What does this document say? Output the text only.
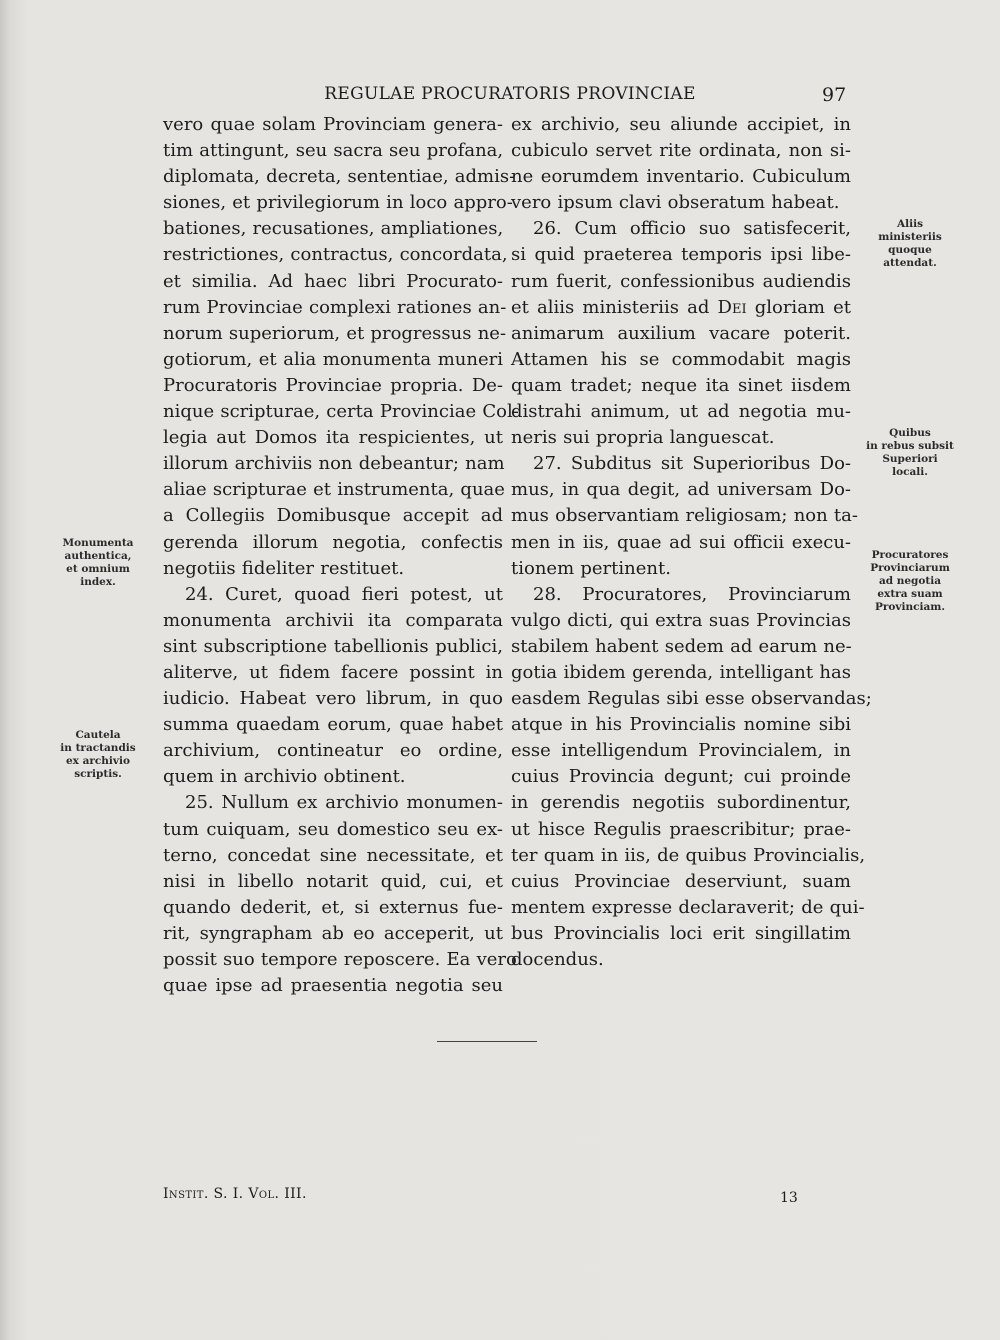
REGULAE PROCURATORIS PROVINCIAE	97

vero quae solam Provinciam genera-

tim attingunt, seu sacra seu profana,

diplomata, decreta, sententiae, admis-

siones, et privilegiorum in loco appro-

bationes, recusationes, ampliationes,

restrictiones, contractus, concordata,

et similia. Ad haec libri Procurato-

rum Provinciae complexi rationes an-

norum superiorum, et progressus ne-

gotiorum, et alia monumenta muneri

Procuratoris Provinciae propria. De-

nique scripturae, certa Provinciae Col-

legia aut Domos ita respicientes, ut

illorum archiviis non debeantur; nam

aliae scripturae et instrumenta, quae

a Collegiis Domibusque accepit ad

gerenda illorum negotia, confectis

negotiis fideliter restituet.

24. Curet, quoad fieri potest, ut

monumenta archivii ita comparata

sint subscriptione tabellionis publici,

aliterve, ut fidem facere possint in

iudicio. Habeat vero librum, in quo

summa quaedam eorum, quae habet

archivium, contineatur eo ordine,

quem in archivio obtinent.

25. Nullum ex archivio monumen-

tum cuiquam, seu domestico seu ex-

terno, concedat sine necessitate, et

nisi in libello notarit quid, cui, et

quando dederit, et, si externus fue-

rit, syngrapham ab eo acceperit, ut

possit suo tempore reposcere. Ea vero

quae ipse ad praesentia negotia seu

ex archivio, seu aliunde accipiet, in

cubiculo servet rite ordinata, non si-

ne eorumdem inventario. Cubiculum

vero ipsum clavi obseratum habeat.

26. Cum officio suo satisfecerit,

si quid praeterea temporis ipsi libe-

rum fuerit, confessionibus audiendis

et aliis ministeriis ad Dei gloriam et

animarum auxilium vacare poterit.

Attamen his se commodabit magis

quam tradet; neque ita sinet iisdem

distrahi animum, ut ad negotia mu-

neris sui propria languescat.

27. Subditus sit Superioribus Do-

mus, in qua degit, ad universam Do-

mus observantiam religiosam; non ta-

men in iis, quae ad sui officii execu-

tionem pertinent.

28. Procuratores, Provinciarum

vulgo dicti, qui extra suas Provincias

stabilem habent sedem ad earum ne-

gotia ibidem gerenda, intelligant has

easdem Regulas sibi esse observandas;

atque in his Provincialis nomine sibi

esse intelligendum Provincialem, in

cuius Provincia degunt; cui proinde

in gerendis negotiis subordinentur,

ut hisce Regulis praescribitur; prae-

ter quam in iis, de quibus Provincialis,

cuius Provinciae deserviunt, suam

mentem expresse declaraverit; de qui-

bus Provincialis loci erit singillatim

docendus.

Monumenta
authentica,
et omnium
index.
Cautela
in tractandis
ex archivio
scriptis.
Aliis
ministeriis
quoque
attendat.
Quibus
in rebus subsit
Superiori
locali.
Procuratores
Provinciarum
ad negotia
extra suam
Provinciam.
Instit. S. I. Vol. III.	13
